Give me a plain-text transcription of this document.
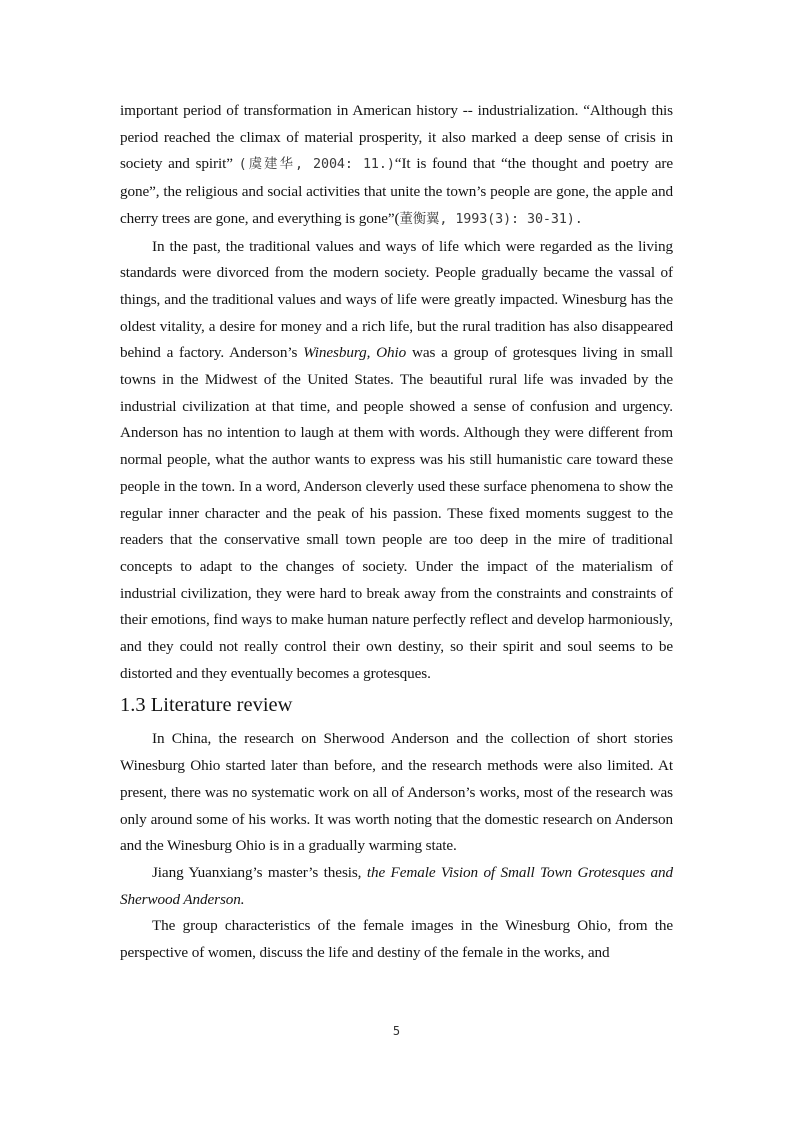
important period of transformation in American history -- industrialization. “Although this period reached the climax of material prosperity, it also marked a deep sense of crisis in society and spirit” (虞建华, 2004: 11.)“It is found that “the thought and poetry are gone”, the religious and social activities that unite the town’s people are gone, the apple and cherry trees are gone, and everything is gone”(董衡翼, 1993(3): 30-31).

In the past, the traditional values and ways of life which were regarded as the living standards were divorced from the modern society. People gradually became the vassal of things, and the traditional values and ways of life were greatly impacted. Winesburg has the oldest vitality, a desire for money and a rich life, but the rural tradition has also disappeared behind a factory. Anderson’s Winesburg, Ohio was a group of grotesques living in small towns in the Midwest of the United States. The beautiful rural life was invaded by the industrial civilization at that time, and people showed a sense of confusion and urgency. Anderson has no intention to laugh at them with words. Although they were different from normal people, what the author wants to express was his still humanistic care toward these people in the town. In a word, Anderson cleverly used these surface phenomena to show the regular inner character and the peak of his passion. These fixed moments suggest to the readers that the conservative small town people are too deep in the mire of traditional concepts to adapt to the changes of society. Under the impact of the materialism of industrial civilization, they were hard to break away from the constraints and constraints of their emotions, find ways to make human nature perfectly reflect and develop harmoniously, and they could not really control their own destiny, so their spirit and soul seems to be distorted and they eventually becomes a grotesques.

1.3 Literature review

In China, the research on Sherwood Anderson and the collection of short stories Winesburg Ohio started later than before, and the research methods were also limited. At present, there was no systematic work on all of Anderson’s works, most of the research was only around some of his works. It was worth noting that the domestic research on Anderson and the Winesburg Ohio is in a gradually warming state.

Jiang Yuanxiang’s master’s thesis, the Female Vision of Small Town Grotesques and Sherwood Anderson.

The group characteristics of the female images in the Winesburg Ohio, from the perspective of women, discuss the life and destiny of the female in the works, and

5
